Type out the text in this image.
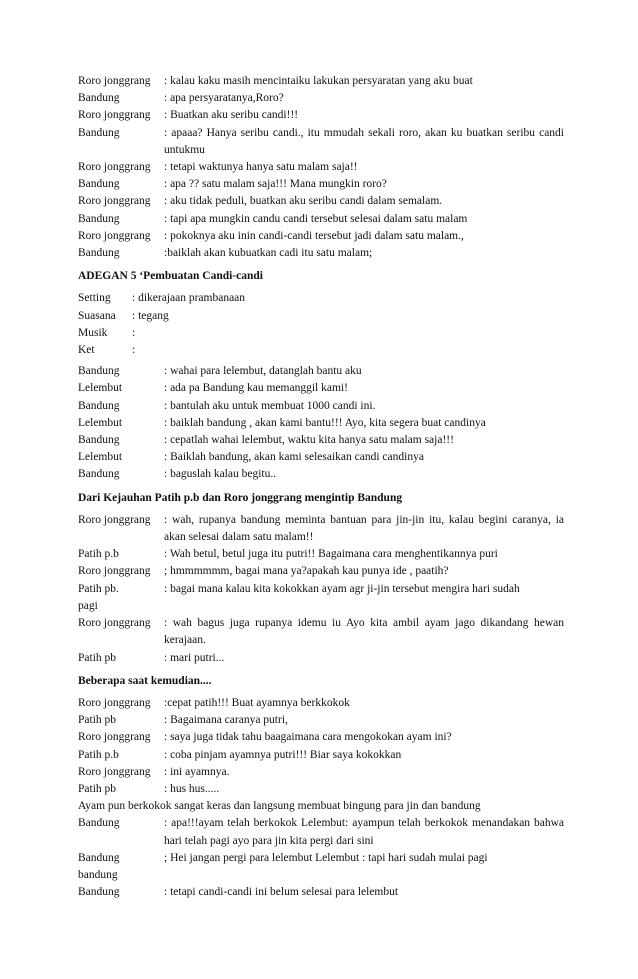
Roro jonggrang	: kalau kaku masih mencintaiku lakukan persyaratan yang aku buat
Bandung	: apa persyaratanya,Roro?
Roro jonggrang	: Buatkan aku seribu candi!!!
Bandung	: apaaa? Hanya seribu candi., itu mmudah sekali roro, akan ku buatkan seribu candi untukmu
Roro jonggrang	: tetapi waktunya hanya satu malam saja!!
Bandung	: apa ?? satu malam saja!!! Mana mungkin roro?
Roro jonggrang	: aku tidak peduli, buatkan aku seribu candi dalam semalam.
Bandung	: tapi apa mungkin candu candi tersebut selesai dalam satu malam
Roro jonggrang	: pokoknya aku inin candi-candi tersebut jadi dalam satu malam.,
Bandung	:baiklah akan kubuatkan cadi itu satu malam;
ADEGAN 5 ‘Pembuatan Candi-candi
Setting	: dikerajaan prambanaan
Suasana	: tegang
Musik	:
Ket	:
Bandung	: wahai para lelembut, datanglah bantu aku
Lelembut	: ada pa Bandung kau memanggil kami!
Bandung	: bantulah aku untuk membuat 1000 candi ini.
Lelembut	: baiklah bandung , akan kami bantu!!! Ayo, kita segera buat candinya
Bandung	: cepatlah wahai lelembut, waktu kita hanya satu malam saja!!!
Lelembut	: Baiklah bandung, akan kami selesaikan candi candinya
Bandung	: baguslah kalau begitu..
Dari Kejauhan Patih p.b dan Roro jonggrang mengintip Bandung
Roro jonggrang	: wah, rupanya bandung meminta bantuan para jin-jin itu, kalau begini caranya, ia akan selesai dalam satu malam!!
Patih p.b	: Wah betul, betul juga itu putri!! Bagaimana cara menghentikannya puri
Roro jonggrang	; hmmmmmm, bagai mana ya?apakah kau punya ide , paatih?
Patih pb.	: bagai mana kalau kita kokokkan ayam agr ji-jin tersebut mengira hari sudah
pagi
Roro jonggrang	: wah bagus juga rupanya idemu iu Ayo kita ambil ayam jago dikandang hewan kerajaan.
Patih pb	: mari putri...
Beberapa saat kemudian....
Roro jonggrang	:cepat patih!!! Buat ayamnya berkkokok
Patih pb	: Bagaimana caranya putri,
Roro jonggrang	: saya juga tidak tahu baagaimana cara mengokokan ayam ini?
Patih p.b	: coba pinjam ayamnya putri!!! Biar saya kokokkan
Roro jonggrang	: ini ayamnya.
Patih pb	: hus hus.....
Ayam pun berkokok sangat keras dan langsung membuat bingung para jin dan bandung
Bandung	: apa!!!ayam telah berkokok Lelembut: ayampun telah berkokok menandakan bahwa hari telah pagi ayo para jin kita pergi dari sini
Bandung	; Hei jangan pergi para lelembut Lelembut : tapi hari sudah mulai pagi
bandung
Bandung	: tetapi candi-candi ini belum selesai para lelembut
